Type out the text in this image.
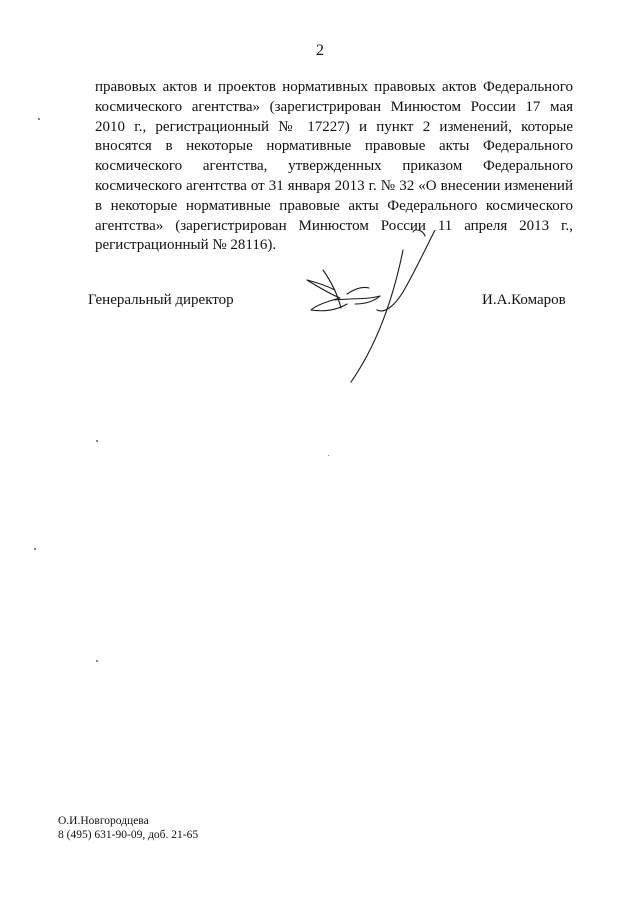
2
правовых актов и проектов нормативных правовых актов Федерального
космического агентства» (зарегистрирован Минюстом России 17 мая
2010 г., регистрационный № 17227) и пункт 2 изменений, которые
вносятся в некоторые нормативные правовые акты Федерального
космического агентства, утвержденных приказом Федерального
космического агентства от 31 января 2013 г. № 32 «О внесении изменений
в некоторые нормативные правовые акты Федерального космического
агентства» (зарегистрирован Минюстом России 11 апреля 2013 г.,
регистрационный № 28116).
Генеральный директор	И.А.Комаров
О.И.Новгородцева
8 (495) 631-90-09, доб. 21-65
